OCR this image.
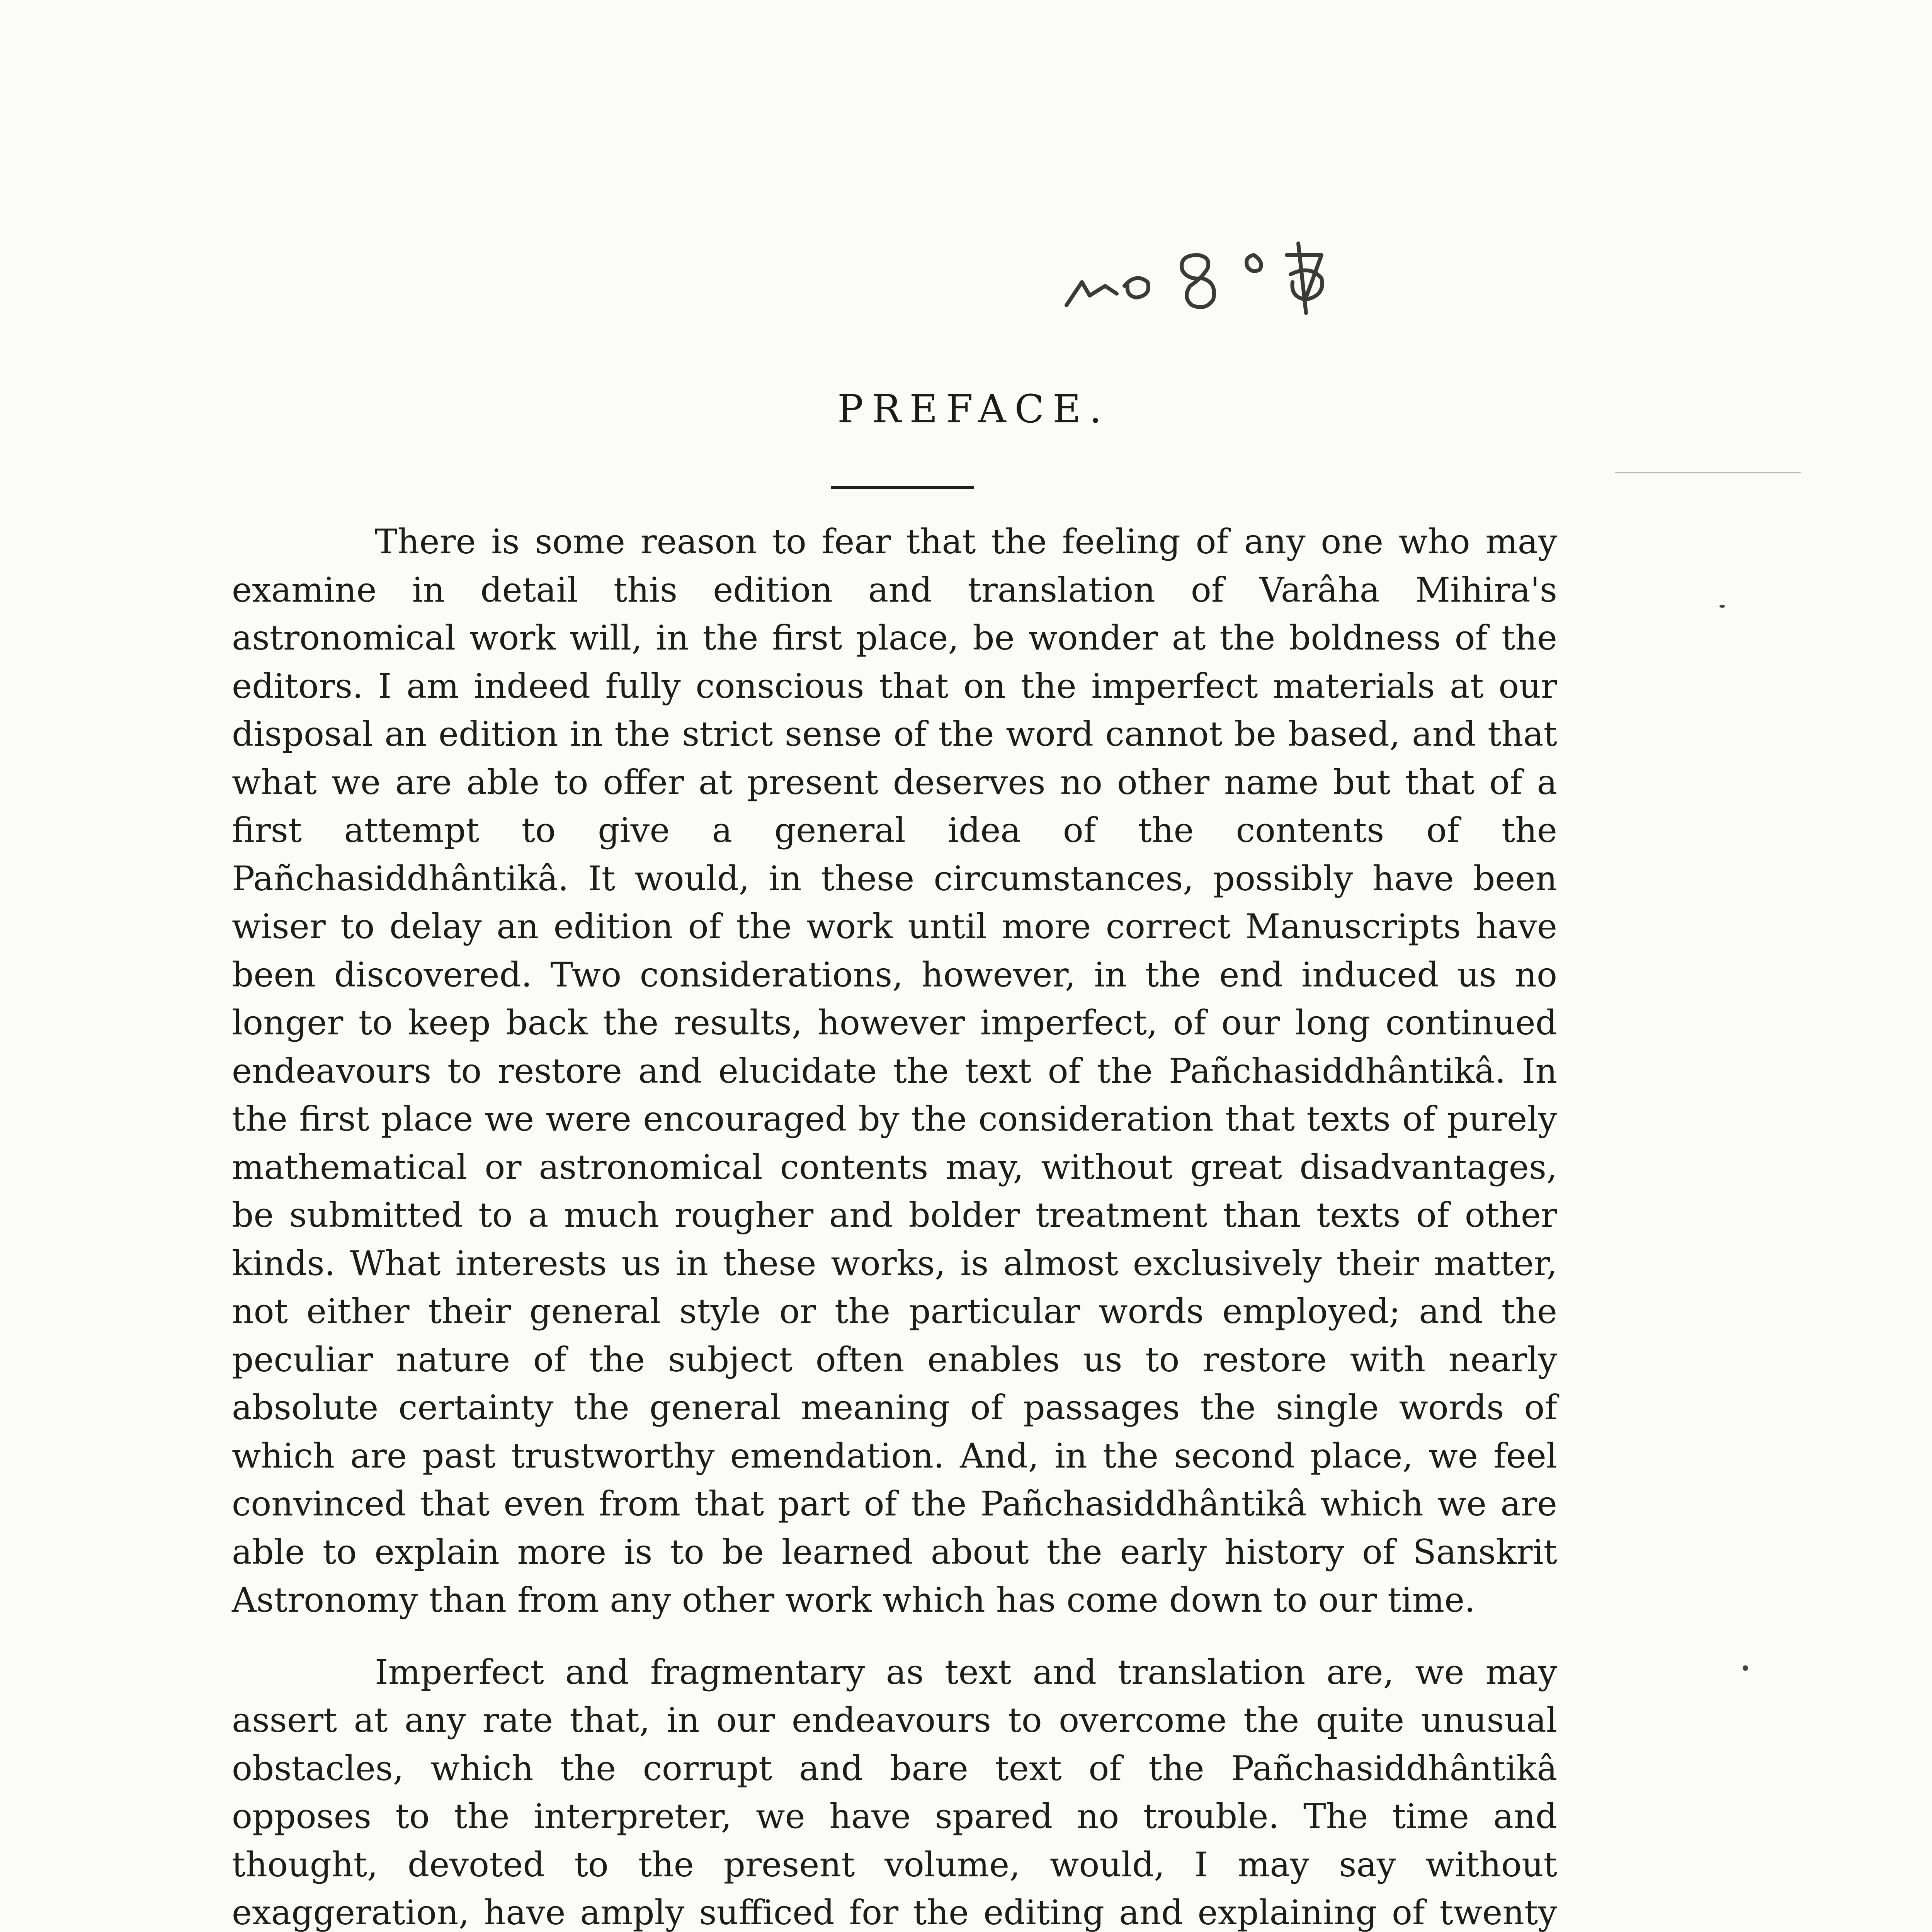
PREFACE.

There is some reason to fear that the feeling of any one who may examine in detail this edition and translation of Varâha Mihira's astronomical work will, in the first place, be wonder at the boldness of the editors. I am indeed fully conscious that on the imperfect materials at our disposal an edition in the strict sense of the word cannot be based, and that what we are able to offer at present deserves no other name but that of a first attempt to give a general idea of the contents of the Pañchasiddhântikâ. It would, in these circumstances, possibly have been wiser to delay an edition of the work until more correct Manuscripts have been discovered. Two considerations, however, in the end induced us no longer to keep back the results, however imperfect, of our long continued endeavours to restore and elucidate the text of the Pañchasiddhântikâ. In the first place we were encouraged by the consideration that texts of purely mathematical or astronomical contents may, without great disadvantages, be submitted to a much rougher and bolder treatment than texts of other kinds. What interests us in these works, is almost exclusively their matter, not either their general style or the particular words employed; and the peculiar nature of the subject often enables us to restore with nearly absolute certainty the general meaning of passages the single words of which are past trustworthy emendation. And, in the second place, we feel convinced that even from that part of the Pañchasiddhântikâ which we are able to explain more is to be learned about the early history of Sanskrit Astronomy than from any other work which has come down to our time.

Imperfect and fragmentary as text and translation are, we may assert at any rate that, in our endeavours to overcome the quite unusual obstacles, which the corrupt and bare text of the Pañchasiddhântikâ opposes to the interpreter, we have spared no trouble. The time and thought, devoted to the present volume, would, I may say without exaggeration, have amply sufficed for the editing and explaining of twenty
